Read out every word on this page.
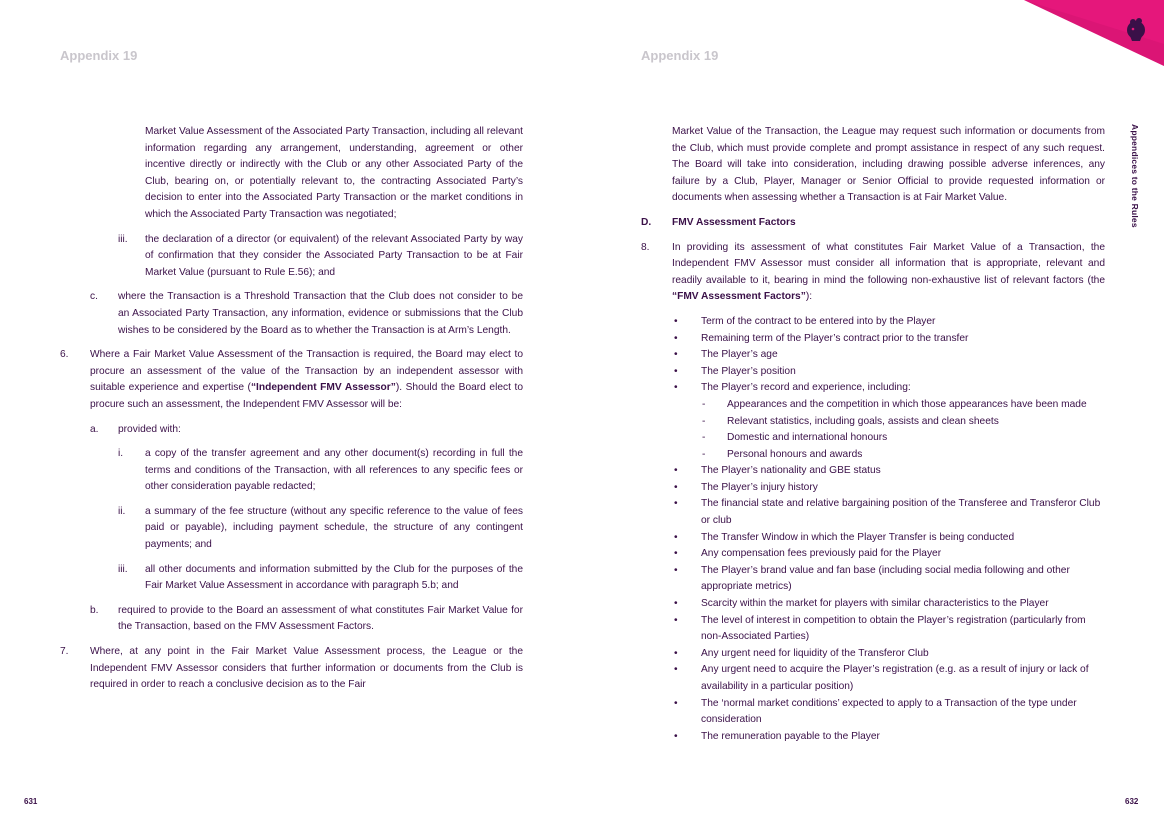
Appendix 19	Appendix 19
Appendices to the Rules
Market Value Assessment of the Associated Party Transaction, including all relevant information regarding any arrangement, understanding, agreement or other incentive directly or indirectly with the Club or any other Associated Party of the Club, bearing on, or potentially relevant to, the contracting Associated Party’s decision to enter into the Associated Party Transaction or the market conditions in which the Associated Party Transaction was negotiated;
iii. the declaration of a director (or equivalent) of the relevant Associated Party by way of confirmation that they consider the Associated Party Transaction to be at Fair Market Value (pursuant to Rule E.56); and
c. where the Transaction is a Threshold Transaction that the Club does not consider to be an Associated Party Transaction, any information, evidence or submissions that the Club wishes to be considered by the Board as to whether the Transaction is at Arm’s Length.
6. Where a Fair Market Value Assessment of the Transaction is required, the Board may elect to procure an assessment of the value of the Transaction by an independent assessor with suitable experience and expertise (“Independent FMV Assessor”). Should the Board elect to procure such an assessment, the Independent FMV Assessor will be:
a. provided with:
i. a copy of the transfer agreement and any other document(s) recording in full the terms and conditions of the Transaction, with all references to any specific fees or other consideration payable redacted;
ii. a summary of the fee structure (without any specific reference to the value of fees paid or payable), including payment schedule, the structure of any contingent payments; and
iii. all other documents and information submitted by the Club for the purposes of the Fair Market Value Assessment in accordance with paragraph 5.b; and
b. required to provide to the Board an assessment of what constitutes Fair Market Value for the Transaction, based on the FMV Assessment Factors.
7. Where, at any point in the Fair Market Value Assessment process, the League or the Independent FMV Assessor considers that further information or documents from the Club is required in order to reach a conclusive decision as to the Fair
Market Value of the Transaction, the League may request such information or documents from the Club, which must provide complete and prompt assistance in respect of any such request. The Board will take into consideration, including drawing possible adverse inferences, any failure by a Club, Player, Manager or Senior Official to provide requested information or documents when assessing whether a Transaction is at Fair Market Value.
D. FMV Assessment Factors
8. In providing its assessment of what constitutes Fair Market Value of a Transaction, the Independent FMV Assessor must consider all information that is appropriate, relevant and readily available to it, bearing in mind the following non-exhaustive list of relevant factors (the “FMV Assessment Factors”):
• Term of the contract to be entered into by the Player
• Remaining term of the Player’s contract prior to the transfer
• The Player’s age
• The Player’s position
• The Player’s record and experience, including:
- Appearances and the competition in which those appearances have been made
- Relevant statistics, including goals, assists and clean sheets
- Domestic and international honours
- Personal honours and awards
• The Player’s nationality and GBE status
• The Player’s injury history
• The financial state and relative bargaining position of the Transferee and Transferor Club or club
• The Transfer Window in which the Player Transfer is being conducted
• Any compensation fees previously paid for the Player
• The Player’s brand value and fan base (including social media following and other appropriate metrics)
• Scarcity within the market for players with similar characteristics to the Player
• The level of interest in competition to obtain the Player’s registration (particularly from non-Associated Parties)
• Any urgent need for liquidity of the Transferor Club
• Any urgent need to acquire the Player’s registration (e.g. as a result of injury or lack of availability in a particular position)
• The ‘normal market conditions’ expected to apply to a Transaction of the type under consideration
• The remuneration payable to the Player
631	632
